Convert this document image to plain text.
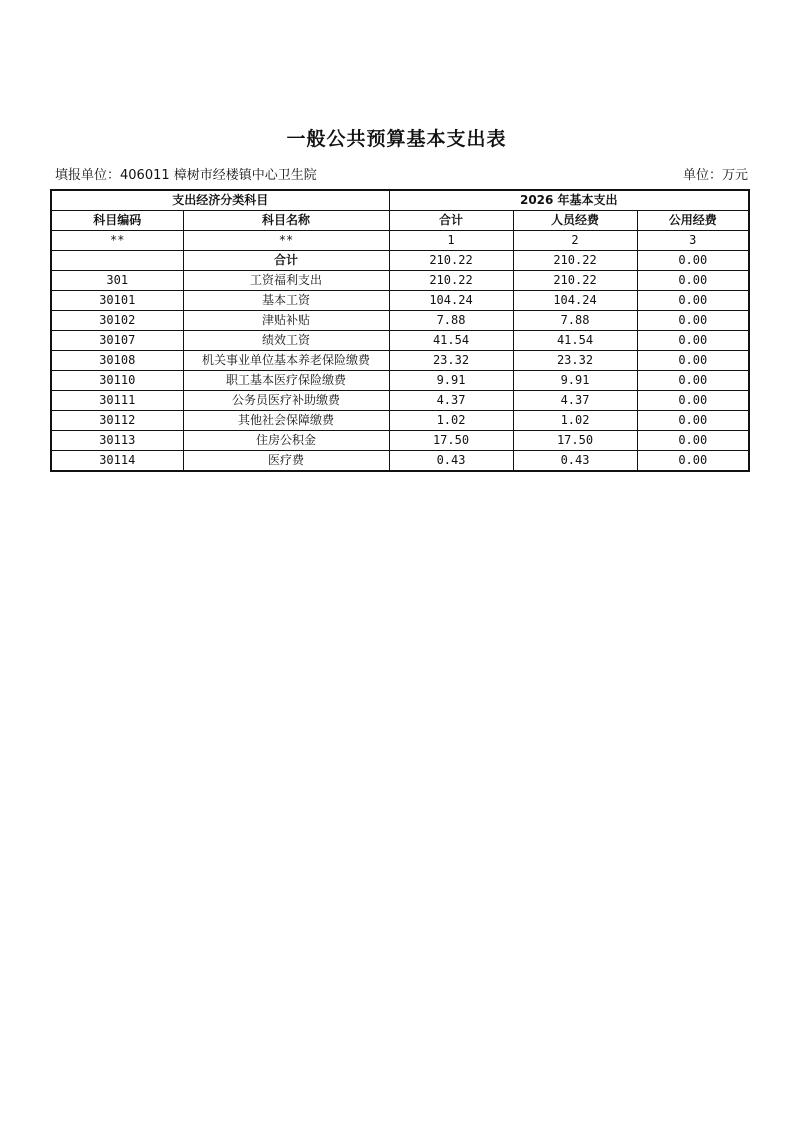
一般公共预算基本支出表
填报单位：406011 樟树市经楼镇中心卫生院	单位：万元
支出经济分类科目		2026 年基本支出		
科目编码	科目名称	合计	人员经费	公用经费
**	**	1	2	3
	合计	210.22	210.22	0.00
301	工资福利支出	210.22	210.22	0.00
30101	基本工资	104.24	104.24	0.00
30102	津贴补贴	7.88	7.88	0.00
30107	绩效工资	41.54	41.54	0.00
30108	机关事业单位基本养老保险缴费	23.32	23.32	0.00
30110	职工基本医疗保险缴费	9.91	9.91	0.00
30111	公务员医疗补助缴费	4.37	4.37	0.00
30112	其他社会保障缴费	1.02	1.02	0.00
30113	住房公积金	17.50	17.50	0.00
30114	医疗费	0.43	0.43	0.00
